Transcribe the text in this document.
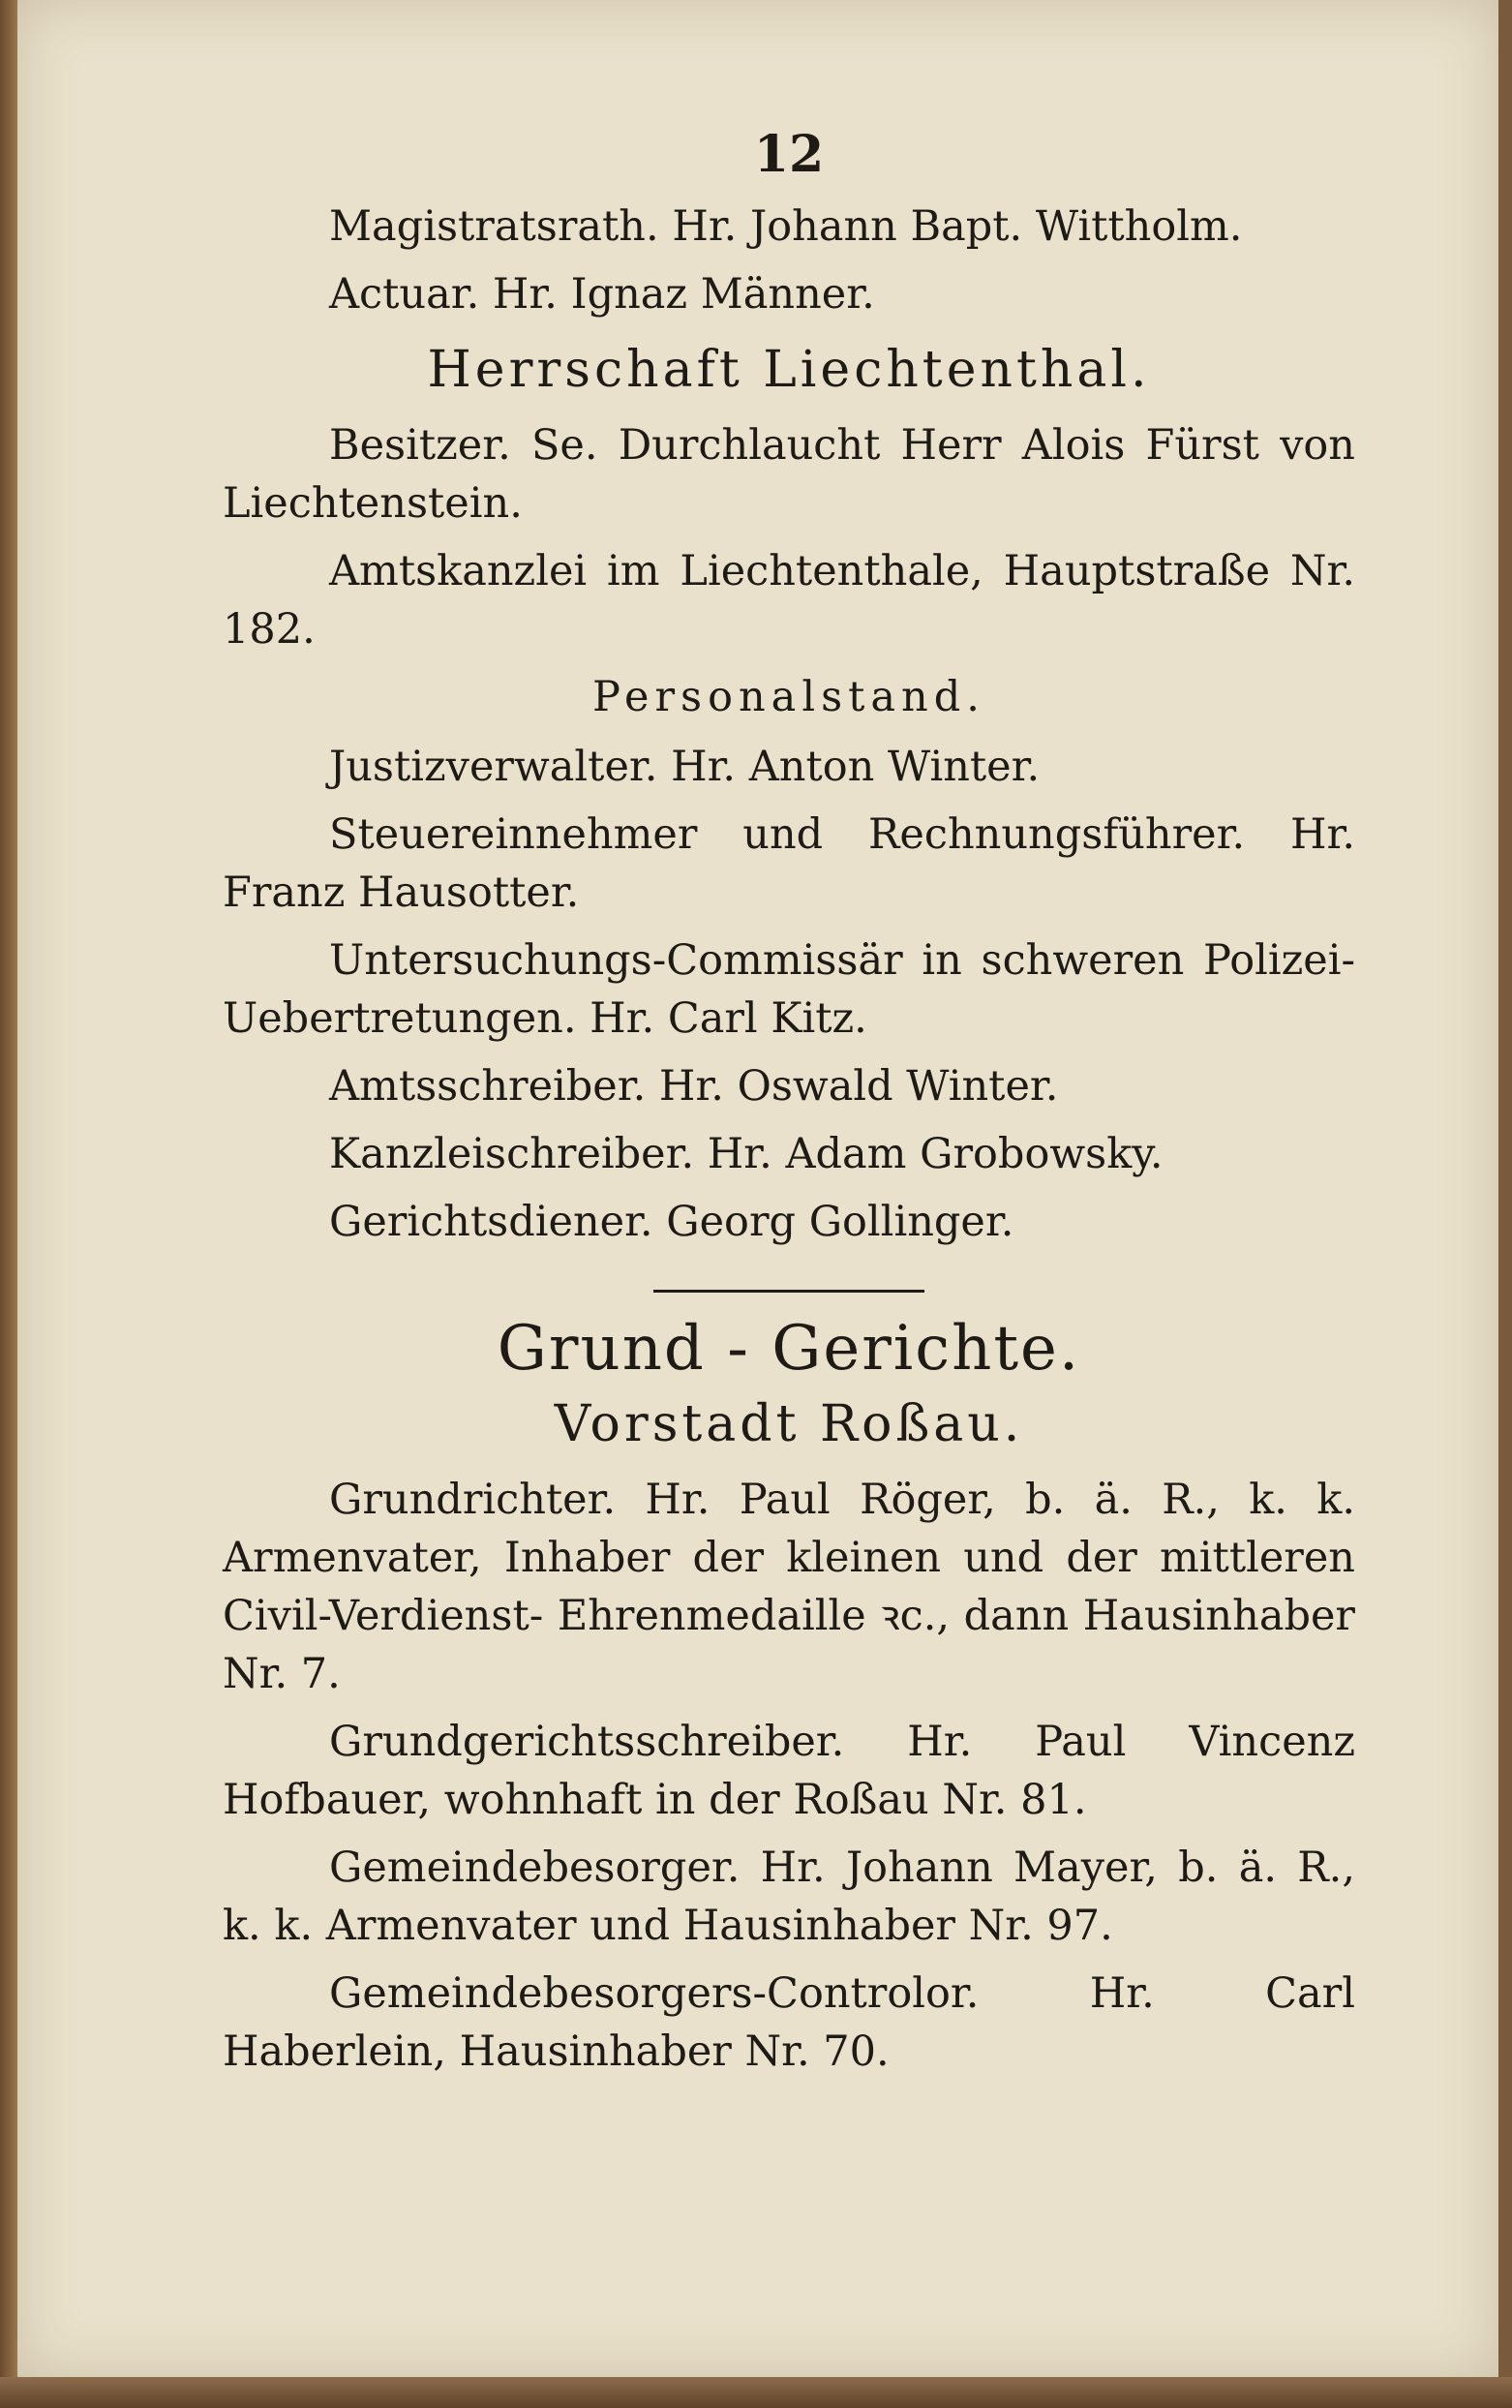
12

Magistratsrath. Hr. Johann Bapt. Wittholm.

Actuar. Hr. Ignaz Männer.

Herrschaft Liechtenthal.

Besitzer. Se. Durchlaucht Herr Alois Fürst von Liechtenstein.

Amtskanzlei im Liechtenthale, Hauptstraße Nr. 182.

Personalstand.

Justizverwalter. Hr. Anton Winter.

Steuereinnehmer und Rechnungsführer. Hr. Franz Hausotter.

Untersuchungs-Commissär in schweren Polizei-Uebertretungen. Hr. Carl Kitz.

Amtsschreiber. Hr. Oswald Winter.

Kanzleischreiber. Hr. Adam Grobowsky.

Gerichtsdiener. Georg Gollinger.

Grund - Gerichte.
Vorstadt Roßau.

Grundrichter. Hr. Paul Röger, b. ä. R., k. k. Armenvater, Inhaber der kleinen und der mittleren Civil-Verdienst- Ehrenmedaille ꝛc., dann Hausinhaber Nr. 7.

Grundgerichtsschreiber. Hr. Paul Vincenz Hofbauer, wohnhaft in der Roßau Nr. 81.

Gemeindebesorger. Hr. Johann Mayer, b. ä. R., k. k. Armenvater und Hausinhaber Nr. 97.

Gemeindebesorgers-Controlor. Hr. Carl Haberlein, Hausinhaber Nr. 70.
